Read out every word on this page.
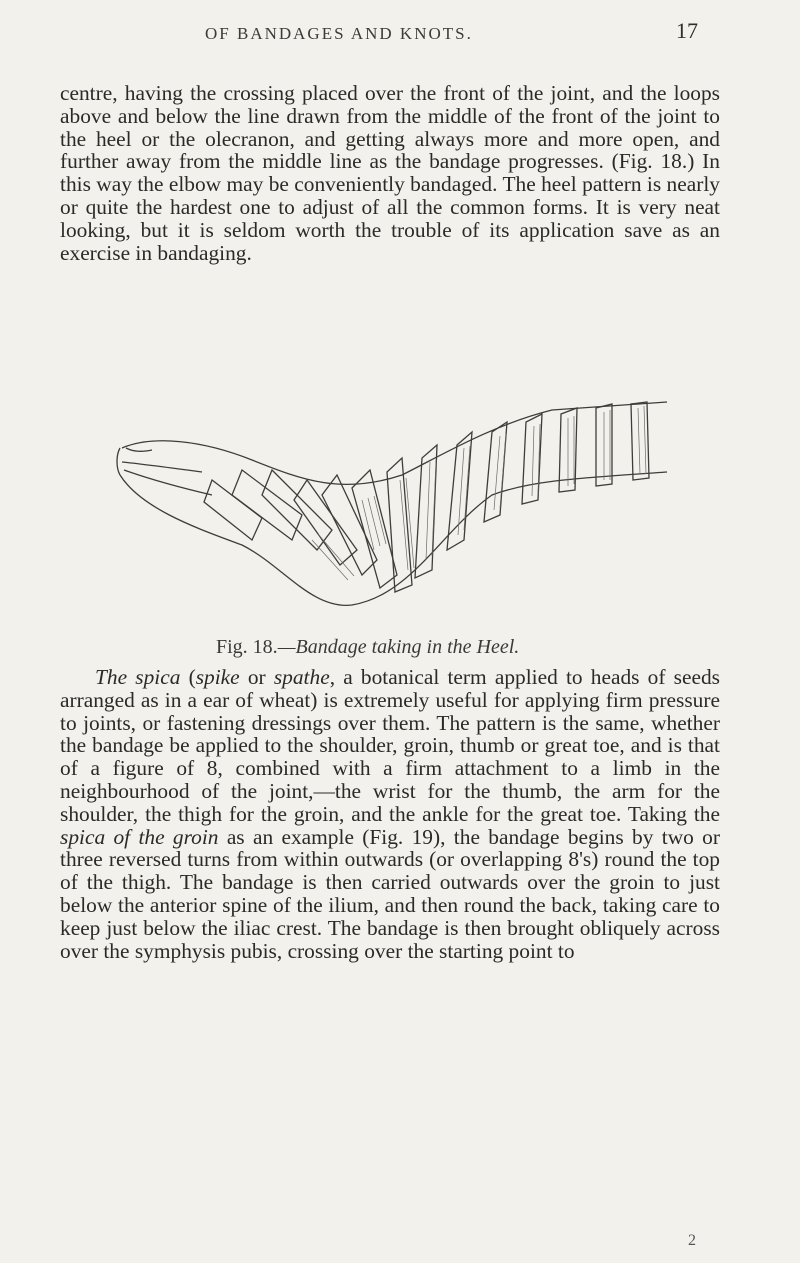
OF BANDAGES AND KNOTS.	17

centre, having the crossing placed over the front of the joint, and the loops above and below the line drawn from the middle of the front of the joint to the heel or the olecranon, and getting always more and more open, and further away from the middle line as the bandage progresses. (Fig. 18.) In this way the elbow may be conveniently bandaged. The heel pattern is nearly or quite the hardest one to adjust of all the common forms. It is very neat looking, but it is seldom worth the trouble of its application save as an exercise in bandaging.

Fig. 18.—Bandage taking in the Heel.

The spica (spike or spathe, a botanical term applied to heads of seeds arranged as in a ear of wheat) is extremely useful for applying firm pressure to joints, or fastening dressings over them. The pattern is the same, whether the bandage be applied to the shoulder, groin, thumb or great toe, and is that of a figure of 8, combined with a firm attachment to a limb in the neighbourhood of the joint,—the wrist for the thumb, the arm for the shoulder, the thigh for the groin, and the ankle for the great toe. Taking the spica of the groin as an example (Fig. 19), the bandage begins by two or three reversed turns from within outwards (or overlapping 8's) round the top of the thigh. The bandage is then carried outwards over the groin to just below the anterior spine of the ilium, and then round the back, taking care to keep just below the iliac crest. The bandage is then brought obliquely across over the symphysis pubis, crossing over the starting point to

2
